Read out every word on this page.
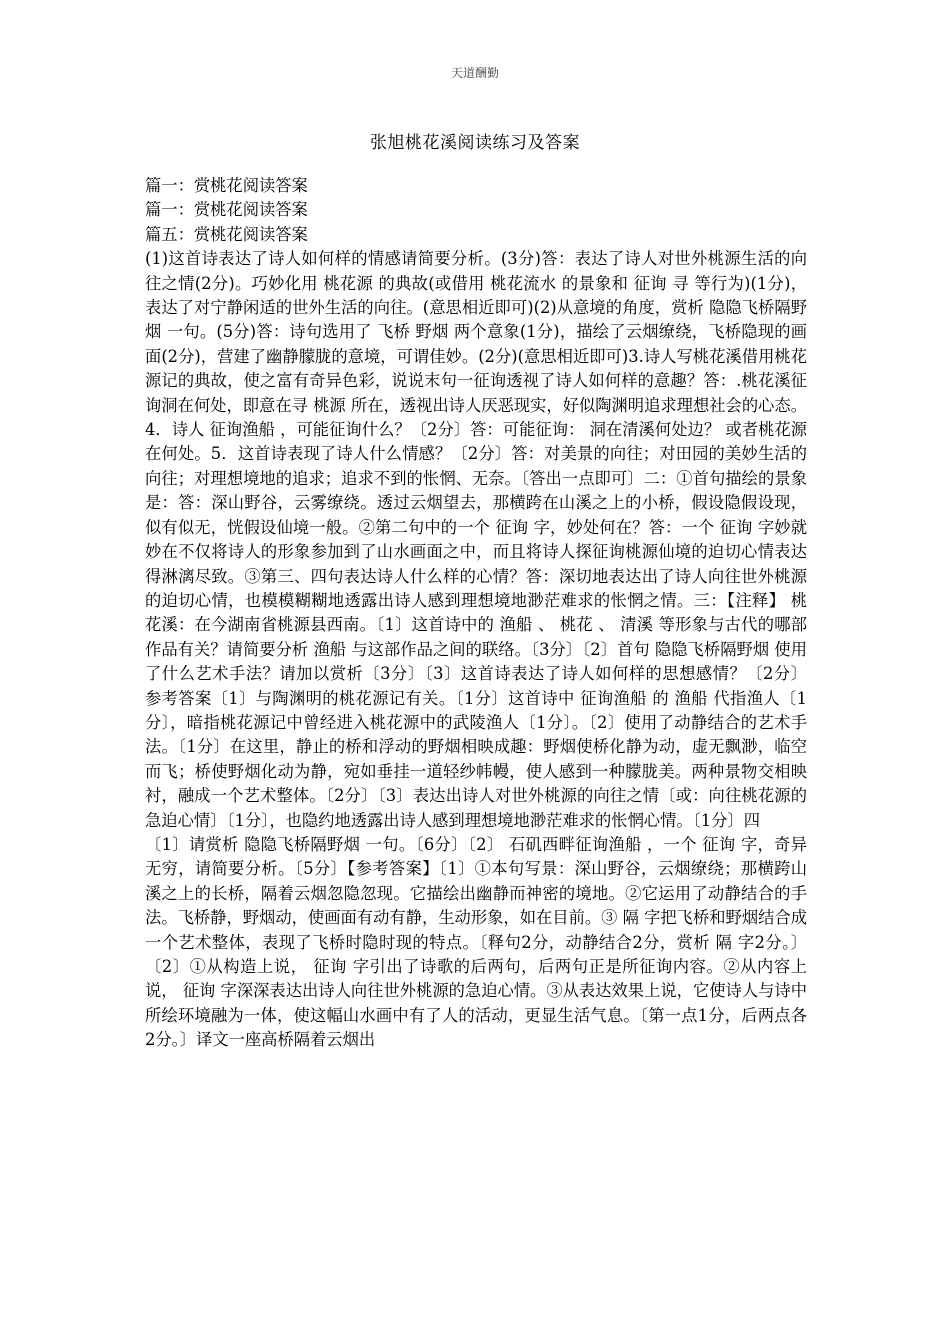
天道酬勤
张旭桃花溪阅读练习及答案

篇一：赏桃花阅读答案

篇一：赏桃花阅读答案

篇五：赏桃花阅读答案

(1)这首诗表达了诗人如何样的情感请简要分析。(3分)答：表达了诗人对世外桃源生活的向往之情(2分)。巧妙化用 桃花源 的典故(或借用 桃花流水 的景象和 征询 寻 等行为)(1分)，表达了对宁静闲适的世外生活的向往。(意思相近即可)(2)从意境的角度，赏析 隐隐飞桥隔野烟 一句。(5分)答：诗句选用了 飞桥 野烟 两个意象(1分)，描绘了云烟缭绕，飞桥隐现的画面(2分)，营建了幽静朦胧的意境，可谓佳妙。(2分)(意思相近即可)3.诗人写桃花溪借用桃花源记的典故，使之富有奇异色彩，说说末句一征询透视了诗人如何样的意趣？答：.桃花溪征询洞在何处，即意在寻 桃源 所在，透视出诗人厌恶现实，好似陶渊明追求理想社会的心态。4．诗人 征询渔船 ，可能征询什么？〔2分〕答：可能征询： 洞在清溪何处边？ 或者桃花源在何处。5．这首诗表现了诗人什么情感？〔2分〕答：对美景的向往；对田园的美妙生活的向往；对理想境地的追求；追求不到的怅惘、无奈。〔答出一点即可〕二：①首句描绘的景象是：答：深山野谷，云雾缭绕。透过云烟望去，那横跨在山溪之上的小桥，假设隐假设现，似有似无，恍假设仙境一般。②第二句中的一个 征询 字，妙处何在？答：一个 征询 字妙就妙在不仅将诗人的形象参加到了山水画面之中，而且将诗人探征询桃源仙境的迫切心情表达得淋漓尽致。③第三、四句表达诗人什么样的心情？答：深切地表达出了诗人向往世外桃源的迫切心情，也模模糊糊地透露出诗人感到理想境地渺茫难求的怅惘之情。三：【注释】 桃花溪：在今湖南省桃源县西南。〔1〕这首诗中的 渔船 、 桃花 、 清溪 等形象与古代的哪部作品有关？请简要分析 渔船 与这部作品之间的联络。〔3分〕〔2〕首句 隐隐飞桥隔野烟 使用了什么艺术手法？请加以赏析〔3分〕〔3〕这首诗表达了诗人如何样的思想感情？〔2分〕 参考答案〔1〕与陶渊明的桃花源记有关。〔1分〕这首诗中 征询渔船 的 渔船 代指渔人〔1分〕，暗指桃花源记中曾经进入桃花源中的武陵渔人〔1分〕。〔2〕使用了动静结合的艺术手法。〔1分〕在这里，静止的桥和浮动的野烟相映成趣：野烟使桥化静为动，虚无飘渺，临空而飞；桥使野烟化动为静，宛如垂挂一道轻纱帏幔，使人感到一种朦胧美。两种景物交相映衬，融成一个艺术整体。〔2分〕〔3〕表达出诗人对世外桃源的向往之情〔或：向往桃花源的急迫心情〕〔1分〕，也隐约地透露出诗人感到理想境地渺茫难求的怅惘心情。〔1分〕四

〔1〕请赏析 隐隐飞桥隔野烟 一句。〔6分〕〔2〕 石矶西畔征询渔船 ，一个 征询 字，奇异无穷，请简要分析。〔5分〕【参考答案】〔1〕①本句写景：深山野谷，云烟缭绕；那横跨山溪之上的长桥，隔着云烟忽隐忽现。它描绘出幽静而神密的境地。②它运用了动静结合的手法。飞桥静，野烟动，使画面有动有静，生动形象，如在目前。③ 隔 字把飞桥和野烟结合成一个艺术整体，表现了飞桥时隐时现的特点。〔释句2分，动静结合2分，赏析 隔 字2分。〕〔2〕①从构造上说， 征询 字引出了诗歌的后两句，后两句正是所征询内容。②从内容上说， 征询 字深深表达出诗人向往世外桃源的急迫心情。③从表达效果上说，它使诗人与诗中所绘环境融为一体，使这幅山水画中有了人的活动，更显生活气息。〔第一点1分，后两点各2分。〕译文一座高桥隔着云烟出
